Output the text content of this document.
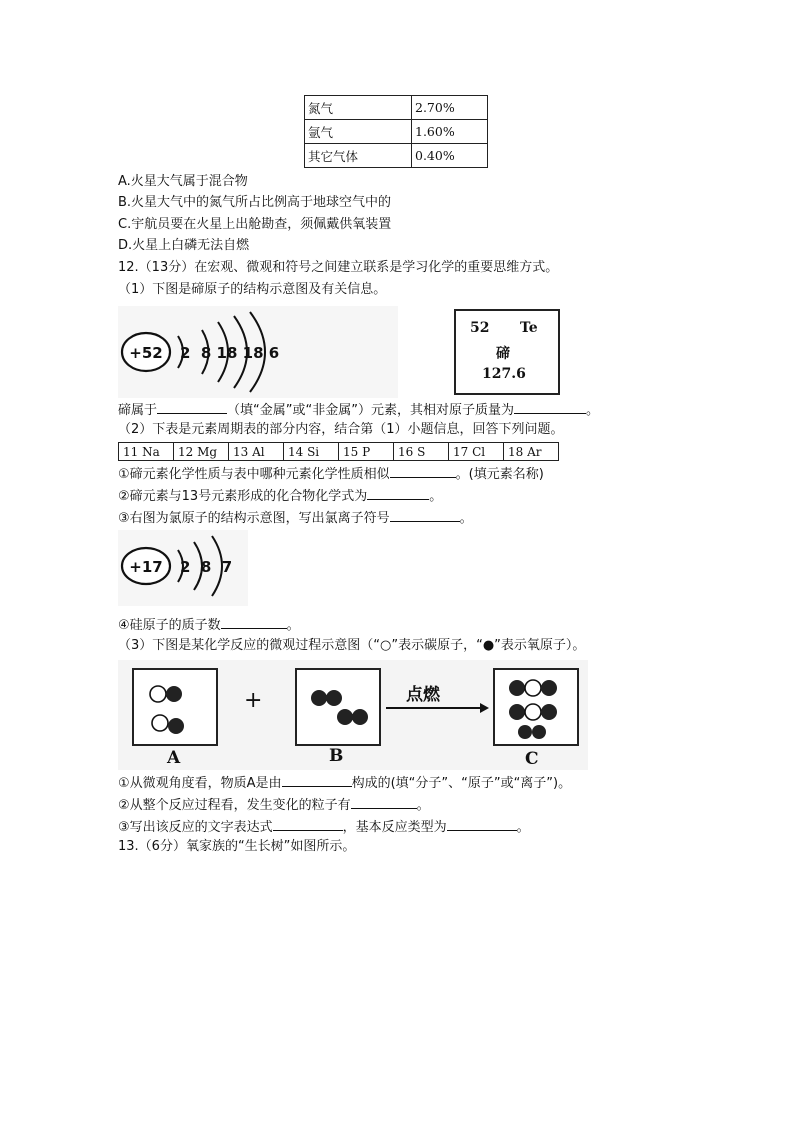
氮气	2.70%
氩气	1.60%
其它气体	0.40%
A.火星大气属于混合物
B.火星大气中的氮气所占比例高于地球空气中的
C.宇航员要在火星上出舱勘查，须佩戴供氧装置
D.火星上白磷无法自燃
12.（13分）在宏观、微观和符号之间建立联系是学习化学的重要思维方式。
（1）下图是碲原子的结构示意图及有关信息。
+52 2  8 18 18 6
52 Te
碲
127.6
碲属于	（填“金属”或“非金属”）元素，其相对原子质量为	。
（2）下表是元素周期表的部分内容，结合第（1）小题信息，回答下列问题。
11 Na	12 Mg	13 Al	14 Si	15 P	16 S	17 Cl	18 Ar
①碲元素化学性质与表中哪种元素化学性质相似	。(填元素名称)
②碲元素与13号元素形成的化合物化学式为	。
③右图为氯原子的结构示意图，写出氯离子符号	。
+17 2  8  7
④硅原子的质子数	。
（3）下图是某化学反应的微观过程示意图（“○”表示碳原子，“●”表示氧原子）。
+	点燃
A	B	C
①从微观角度看，物质A是由	构成的(填“分子”、“原子”或“离子”)。
②从整个反应过程看，发生变化的粒子有	。
③写出该反应的文字表达式	，基本反应类型为	。
13.（6分）氧家族的“生长树”如图所示。
